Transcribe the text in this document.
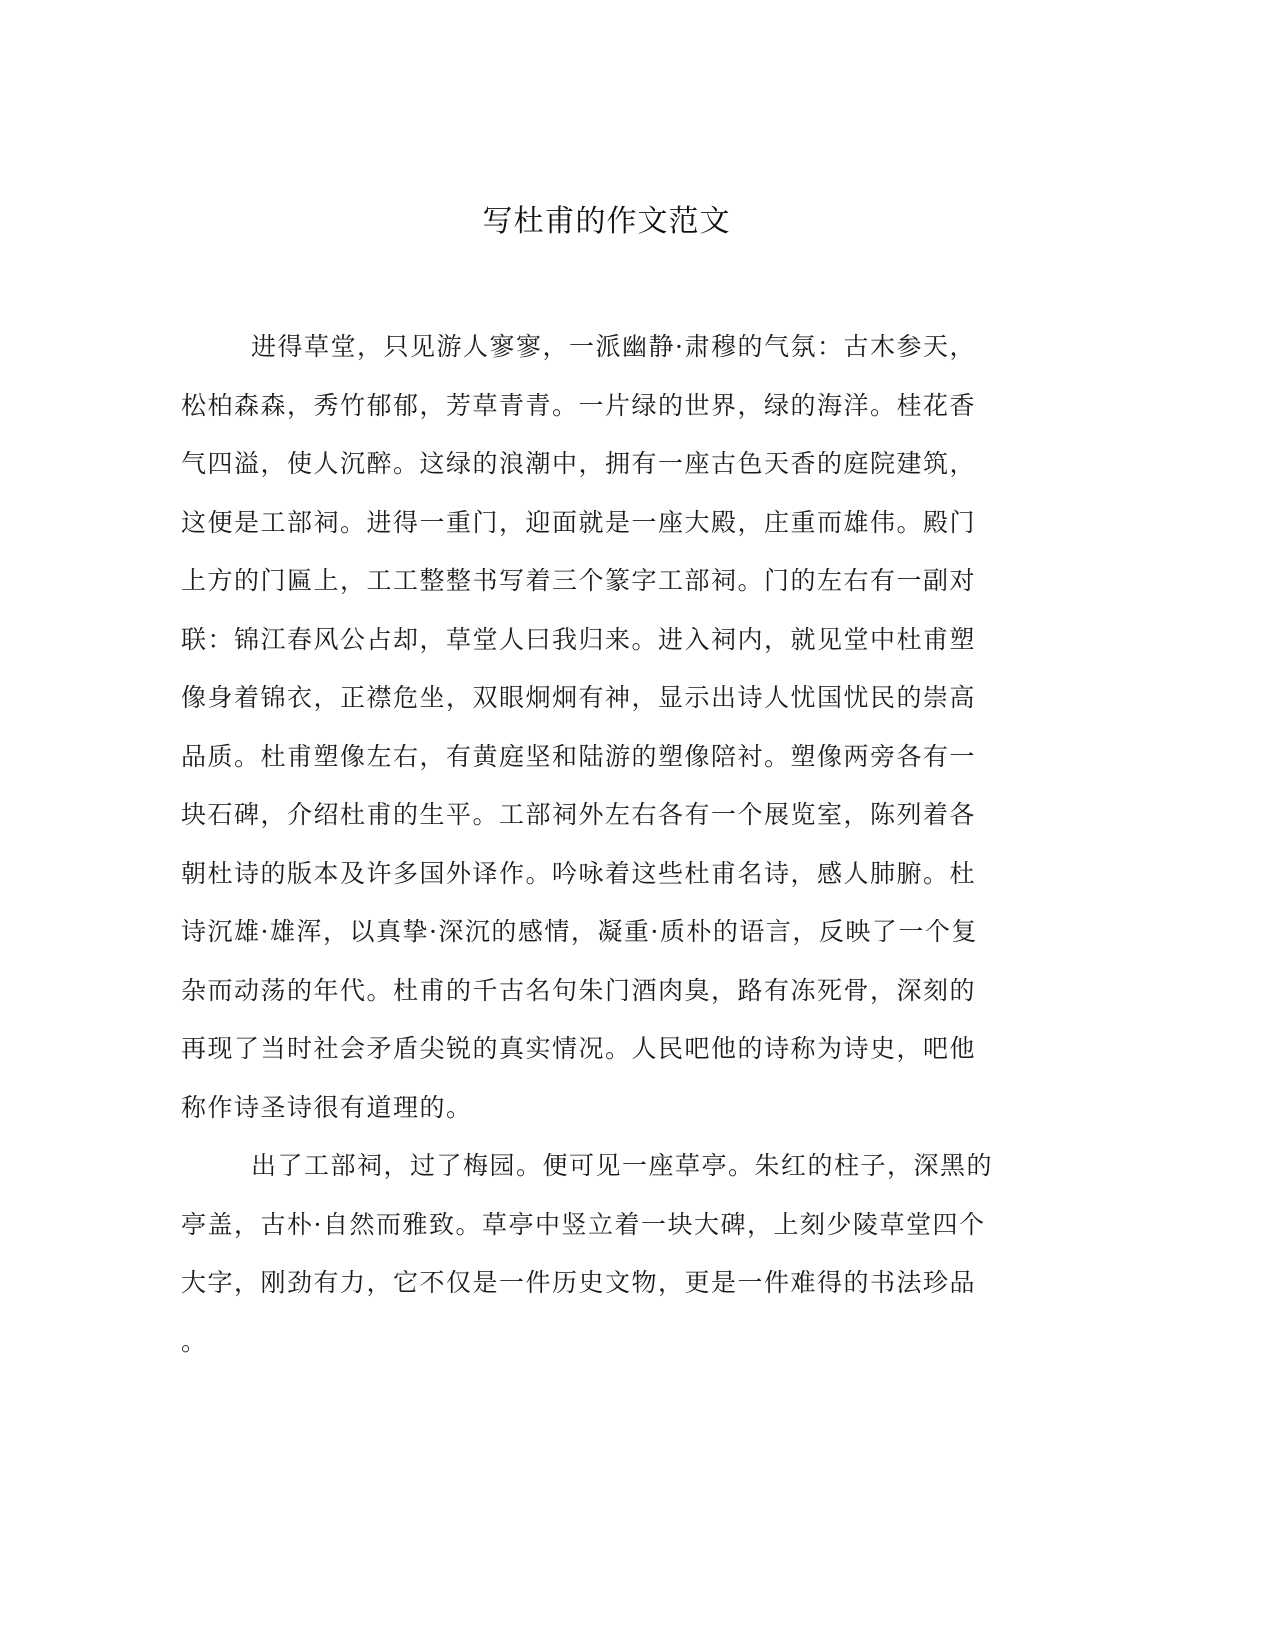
写杜甫的作文范文

进得草堂，只见游人寥寥，一派幽静·肃穆的气氛：古木参天，
松柏森森，秀竹郁郁，芳草青青。一片绿的世界，绿的海洋。桂花香
气四溢，使人沉醉。这绿的浪潮中，拥有一座古色天香的庭院建筑，
这便是工部祠。进得一重门，迎面就是一座大殿，庄重而雄伟。殿门
上方的门匾上，工工整整书写着三个篆字工部祠。门的左右有一副对
联：锦江春风公占却，草堂人曰我归来。进入祠内，就见堂中杜甫塑
像身着锦衣，正襟危坐，双眼炯炯有神，显示出诗人忧国忧民的崇高
品质。杜甫塑像左右，有黄庭坚和陆游的塑像陪衬。塑像两旁各有一
块石碑，介绍杜甫的生平。工部祠外左右各有一个展览室，陈列着各
朝杜诗的版本及许多国外译作。吟咏着这些杜甫名诗，感人肺腑。杜
诗沉雄·雄浑，以真挚·深沉的感情，凝重·质朴的语言，反映了一个复
杂而动荡的年代。杜甫的千古名句朱门酒肉臭，路有冻死骨，深刻的
再现了当时社会矛盾尖锐的真实情况。人民吧他的诗称为诗史，吧他
称作诗圣诗很有道理的。

出了工部祠，过了梅园。便可见一座草亭。朱红的柱子，深黑的
亭盖，古朴·自然而雅致。草亭中竖立着一块大碑，上刻少陵草堂四个
大字，刚劲有力，它不仅是一件历史文物，更是一件难得的书法珍品
。
